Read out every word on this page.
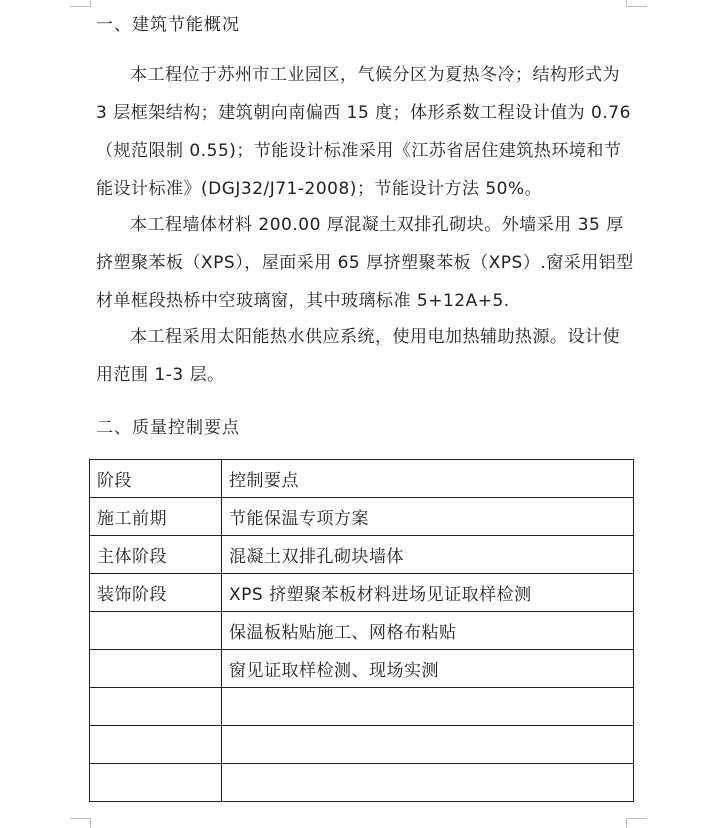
一、建筑节能概况
本工程位于苏州市工业园区，气候分区为夏热冬冷；结构形式为 3 层框架结构；建筑朝向南偏西 15 度；体形系数工程设计值为 0.76（规范限制 0.55)；节能设计标准采用《江苏省居住建筑热环境和节能设计标准》(DGJ32/J71-2008)；节能设计方法 50%。
本工程墙体材料 200.00 厚混凝土双排孔砌块。外墙采用 35 厚挤塑聚苯板（XPS），屋面采用 65 厚挤塑聚苯板（XPS）.窗采用铝型材单框段热桥中空玻璃窗，其中玻璃标准 5+12A+5.
本工程采用太阳能热水供应系统，使用电加热辅助热源。设计使用范围 1-3 层。
二、质量控制要点
阶段	控制要点
施工前期	节能保温专项方案
主体阶段	混凝土双排孔砌块墙体
装饰阶段	XPS 挤塑聚苯板材料进场见证取样检测
	保温板粘贴施工、网格布粘贴
	窗见证取样检测、现场实测
